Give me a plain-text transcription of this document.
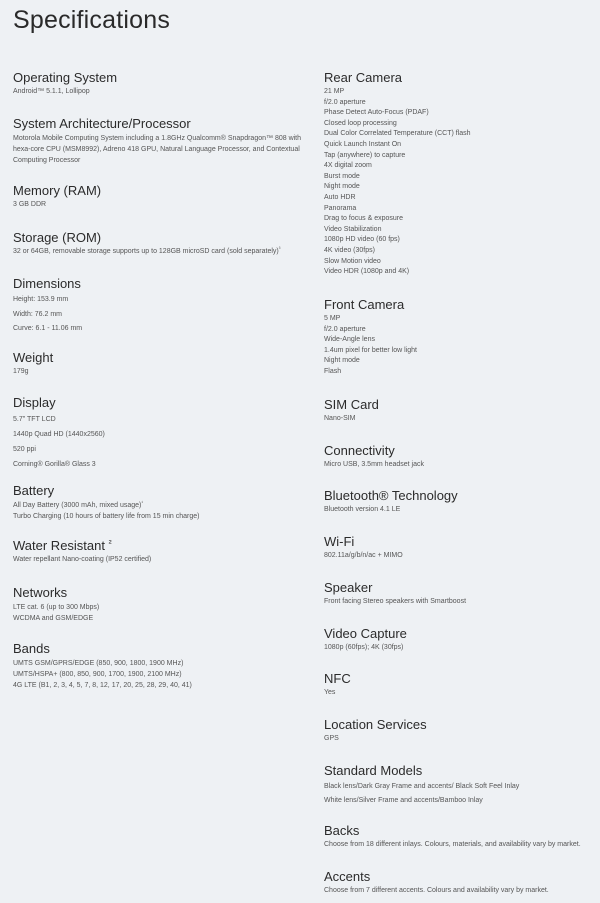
Specifications
Operating System
Android™ 5.1.1, Lollipop
System Architecture/Processor
Motorola Mobile Computing System including a 1.8GHz Qualcomm® Snapdragon™ 808 with hexa-core CPU (MSM8992), Adreno 418 GPU, Natural Language Processor, and Contextual Computing Processor
Memory (RAM)
3 GB DDR
Storage (ROM)
32 or 64GB, removable storage supports up to 128GB microSD card (sold separately)$^{^3}$
Dimensions
Height: 153.9 mm
Width: 76.2 mm
Curve: 6.1 - 11.06 mm
Weight
179g
Display
5.7" TFT LCD
1440p Quad HD (1440x2560)
520 ppi
Corning® Gorilla® Glass 3
Battery
All Day Battery (3000 mAh, mixed usage)$^{^1}$
Turbo Charging (10 hours of battery life from 15 min charge)
Water Resistant $^{^2}$
Water repellant Nano-coating (IP52 certified)
Networks
LTE cat. 6 (up to 300 Mbps)
WCDMA and GSM/EDGE
Bands
UMTS GSM/GPRS/EDGE (850, 900, 1800, 1900 MHz)
UMTS/HSPA+ (800, 850, 900, 1700, 1900, 2100 MHz)
4G LTE (B1, 2, 3, 4, 5, 7, 8, 12, 17, 20, 25, 28, 29, 40, 41)
Rear Camera
21 MP
f/2.0 aperture
Phase Detect Auto-Focus (PDAF)
Closed loop processing
Dual Color Correlated Temperature (CCT) flash
Quick Launch Instant On
Tap (anywhere) to capture
4X digital zoom
Burst mode
Night mode
Auto HDR
Panorama
Drag to focus & exposure
Video Stabilization
1080p HD video (60 fps)
4K video (30fps)
Slow Motion video
Video HDR (1080p and 4K)
Front Camera
5 MP
f/2.0 aperture
Wide-Angle lens
1.4um pixel for better low light
Night mode
Flash
SIM Card
Nano-SIM
Connectivity
Micro USB, 3.5mm headset jack
Bluetooth® Technology
Bluetooth version 4.1 LE
Wi-Fi
802.11a/g/b/n/ac + MIMO
Speaker
Front facing Stereo speakers with Smartboost
Video Capture
1080p (60fps); 4K (30fps)
NFC
Yes
Location Services
GPS
Standard Models
Black lens/Dark Gray Frame and accents/ Black Soft Feel Inlay
White lens/Silver Frame and accents/Bamboo Inlay
Backs
Choose from 18 different inlays. Colours, materials, and availability vary by market.
Accents
Choose from 7 different accents. Colours and availability vary by market.
